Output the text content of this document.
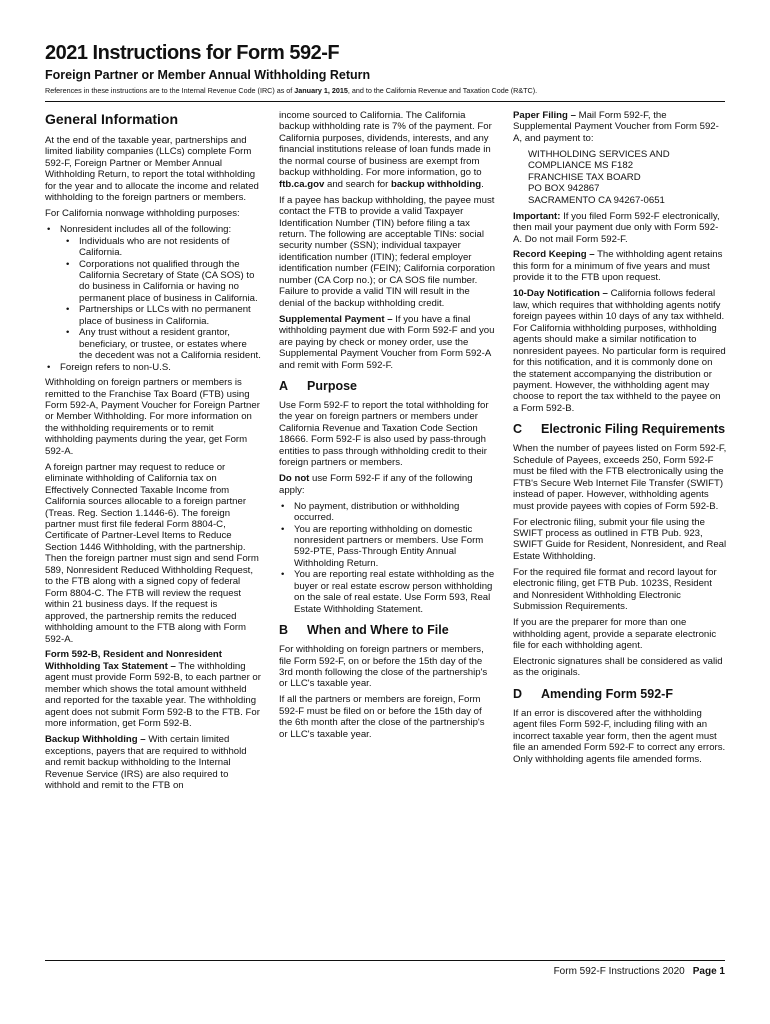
2021 Instructions for Form 592-F
Foreign Partner or Member Annual Withholding Return
References in these instructions are to the Internal Revenue Code (IRC) as of January 1, 2015, and to the California Revenue and Taxation Code (R&TC).
General Information

At the end of the taxable year, partnerships and limited liability companies (LLCs) complete Form 592-F, Foreign Partner or Member Annual Withholding Return, to report the total withholding for the year and to allocate the income and related withholding to the foreign partners or members.

For California nonwage withholding purposes:

• Nonresident includes all of the following:
• Individuals who are not residents of California.
• Corporations not qualified through the California Secretary of State (CA SOS) to do business in California or having no permanent place of business in California.
• Partnerships or LLCs with no permanent place of business in California.
• Any trust without a resident grantor, beneficiary, or trustee, or estates where the decedent was not a California resident.
• Foreign refers to non-U.S.

Withholding on foreign partners or members is remitted to the Franchise Tax Board (FTB) using Form 592-A, Payment Voucher for Foreign Partner or Member Withholding. For more information on the withholding requirements or to remit withholding payments during the year, get Form 592-A.

A foreign partner may request to reduce or eliminate withholding of California tax on Effectively Connected Taxable Income from California sources allocable to a foreign partner (Treas. Reg. Section 1.1446-6). The foreign partner must first file federal Form 8804-C, Certificate of Partner-Level Items to Reduce Section 1446 Withholding, with the partnership. Then the foreign partner must sign and send Form 589, Nonresident Reduced Withholding Request, to the FTB along with a signed copy of federal Form 8804-C. The FTB will review the request within 21 business days. If the request is approved, the partnership remits the reduced withholding amount to the FTB along with Form 592-A.

Form 592-B, Resident and Nonresident Withholding Tax Statement – The withholding agent must provide Form 592-B, to each partner or member which shows the total amount withheld and reported for the taxable year. The withholding agent does not submit Form 592-B to the FTB. For more information, get Form 592-B.

Backup Withholding – With certain limited exceptions, payers that are required to withhold and remit backup withholding to the Internal Revenue Service (IRS) are also required to withhold and remit to the FTB on

income sourced to California. The California backup withholding rate is 7% of the payment. For California purposes, dividends, interests, and any financial institutions release of loan funds made in the normal course of business are exempt from backup withholding. For more information, go to ftb.ca.gov and search for backup withholding.

If a payee has backup withholding, the payee must contact the FTB to provide a valid Taxpayer Identification Number (TIN) before filing a tax return. The following are acceptable TINs: social security number (SSN); individual taxpayer identification number (ITIN); federal employer identification number (FEIN); California corporation number (CA Corp no.); or CA SOS file number. Failure to provide a valid TIN will result in the denial of the backup withholding credit.

Supplemental Payment – If you have a final withholding payment due with Form 592-F and you are paying by check or money order, use the Supplemental Payment Voucher from Form 592-A and remit with Form 592-F.

A	Purpose

Use Form 592-F to report the total withholding for the year on foreign partners or members under California Revenue and Taxation Code Section 18666. Form 592-F is also used by pass-through entities to pass through withholding credit to their foreign partners or members.

Do not use Form 592-F if any of the following apply:

• No payment, distribution or withholding occurred.
• You are reporting withholding on domestic nonresident partners or members. Use Form 592-PTE, Pass-Through Entity Annual Withholding Return.
• You are reporting real estate withholding as the buyer or real estate escrow person withholding on the sale of real estate. Use Form 593, Real Estate Withholding Statement.
B	When and Where to File

For withholding on foreign partners or members, file Form 592-F, on or before the 15th day of the 3rd month following the close of the partnership's or LLC's taxable year.

If all the partners or members are foreign, Form 592-F must be filed on or before the 15th day of the 6th month after the close of the partnership's or LLC's taxable year.

Paper Filing – Mail Form 592-F, the Supplemental Payment Voucher from Form 592-A, and payment to:

WITHHOLDING SERVICES AND
COMPLIANCE MS F182
FRANCHISE TAX BOARD
PO BOX 942867
SACRAMENTO CA 94267-0651

Important: If you filed Form 592-F electronically, then mail your payment due only with Form 592-A. Do not mail Form 592-F.

Record Keeping – The withholding agent retains this form for a minimum of five years and must provide it to the FTB upon request.

10-Day Notification – California follows federal law, which requires that withholding agents notify foreign payees within 10 days of any tax withheld. For California withholding purposes, withholding agents should make a similar notification to nonresident payees. No particular form is required for this notification, and it is commonly done on the statement accompanying the distribution or payment. However, the withholding agent may choose to report the tax withheld to the payee on a Form 592-B.

C	Electronic Filing Requirements

When the number of payees listed on Form 592-F, Schedule of Payees, exceeds 250, Form 592-F must be filed with the FTB electronically using the FTB's Secure Web Internet File Transfer (SWIFT) instead of paper. However, withholding agents must provide payees with copies of Form 592-B.

For electronic filing, submit your file using the SWIFT process as outlined in FTB Pub. 923, SWIFT Guide for Resident, Nonresident, and Real Estate Withholding.

For the required file format and record layout for electronic filing, get FTB Pub. 1023S, Resident and Nonresident Withholding Electronic Submission Requirements.

If you are the preparer for more than one withholding agent, provide a separate electronic file for each withholding agent.

Electronic signatures shall be considered as valid as the originals.

D	Amending Form 592-F

If an error is discovered after the withholding agent files Form 592-F, including filing with an incorrect taxable year form, then the agent must file an amended Form 592-F to correct any errors. Only withholding agents file amended forms.

Form 592-F Instructions 2020 Page 1
